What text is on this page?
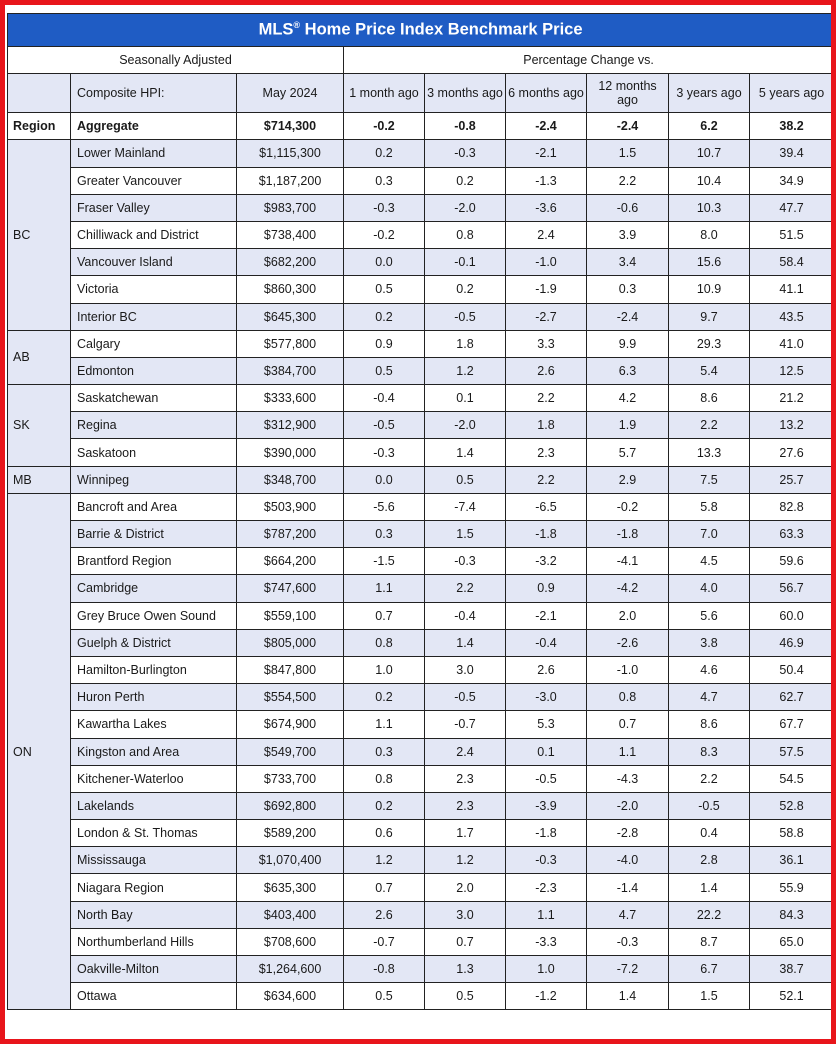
MLS® Home Price Index Benchmark Price								
Seasonally Adjusted			Percentage Change vs.					
	Composite HPI:	May 2024	1 month ago	3 months ago	6 months ago	12 months ago	3 years ago	5 years ago
Region	Aggregate	$714,300	-0.2	-0.8	-2.4	-2.4	6.2	38.2
BC	Lower Mainland	$1,115,300	0.2	-0.3	-2.1	1.5	10.7	39.4
	Greater Vancouver	$1,187,200	0.3	0.2	-1.3	2.2	10.4	34.9
	Fraser Valley	$983,700	-0.3	-2.0	-3.6	-0.6	10.3	47.7
	Chilliwack and District	$738,400	-0.2	0.8	2.4	3.9	8.0	51.5
	Vancouver Island	$682,200	0.0	-0.1	-1.0	3.4	15.6	58.4
	Victoria	$860,300	0.5	0.2	-1.9	0.3	10.9	41.1
	Interior BC	$645,300	0.2	-0.5	-2.7	-2.4	9.7	43.5
AB	Calgary	$577,800	0.9	1.8	3.3	9.9	29.3	41.0
	Edmonton	$384,700	0.5	1.2	2.6	6.3	5.4	12.5
SK	Saskatchewan	$333,600	-0.4	0.1	2.2	4.2	8.6	21.2
	Regina	$312,900	-0.5	-2.0	1.8	1.9	2.2	13.2
	Saskatoon	$390,000	-0.3	1.4	2.3	5.7	13.3	27.6
MB	Winnipeg	$348,700	0.0	0.5	2.2	2.9	7.5	25.7
ON	Bancroft and Area	$503,900	-5.6	-7.4	-6.5	-0.2	5.8	82.8
	Barrie & District	$787,200	0.3	1.5	-1.8	-1.8	7.0	63.3
	Brantford Region	$664,200	-1.5	-0.3	-3.2	-4.1	4.5	59.6
	Cambridge	$747,600	1.1	2.2	0.9	-4.2	4.0	56.7
	Grey Bruce Owen Sound	$559,100	0.7	-0.4	-2.1	2.0	5.6	60.0
	Guelph & District	$805,000	0.8	1.4	-0.4	-2.6	3.8	46.9
	Hamilton-Burlington	$847,800	1.0	3.0	2.6	-1.0	4.6	50.4
	Huron Perth	$554,500	0.2	-0.5	-3.0	0.8	4.7	62.7
	Kawartha Lakes	$674,900	1.1	-0.7	5.3	0.7	8.6	67.7
	Kingston and Area	$549,700	0.3	2.4	0.1	1.1	8.3	57.5
	Kitchener-Waterloo	$733,700	0.8	2.3	-0.5	-4.3	2.2	54.5
	Lakelands	$692,800	0.2	2.3	-3.9	-2.0	-0.5	52.8
	London & St. Thomas	$589,200	0.6	1.7	-1.8	-2.8	0.4	58.8
	Mississauga	$1,070,400	1.2	1.2	-0.3	-4.0	2.8	36.1
	Niagara Region	$635,300	0.7	2.0	-2.3	-1.4	1.4	55.9
	North Bay	$403,400	2.6	3.0	1.1	4.7	22.2	84.3
	Northumberland Hills	$708,600	-0.7	0.7	-3.3	-0.3	8.7	65.0
	Oakville-Milton	$1,264,600	-0.8	1.3	1.0	-7.2	6.7	38.7
	Ottawa	$634,600	0.5	0.5	-1.2	1.4	1.5	52.1
